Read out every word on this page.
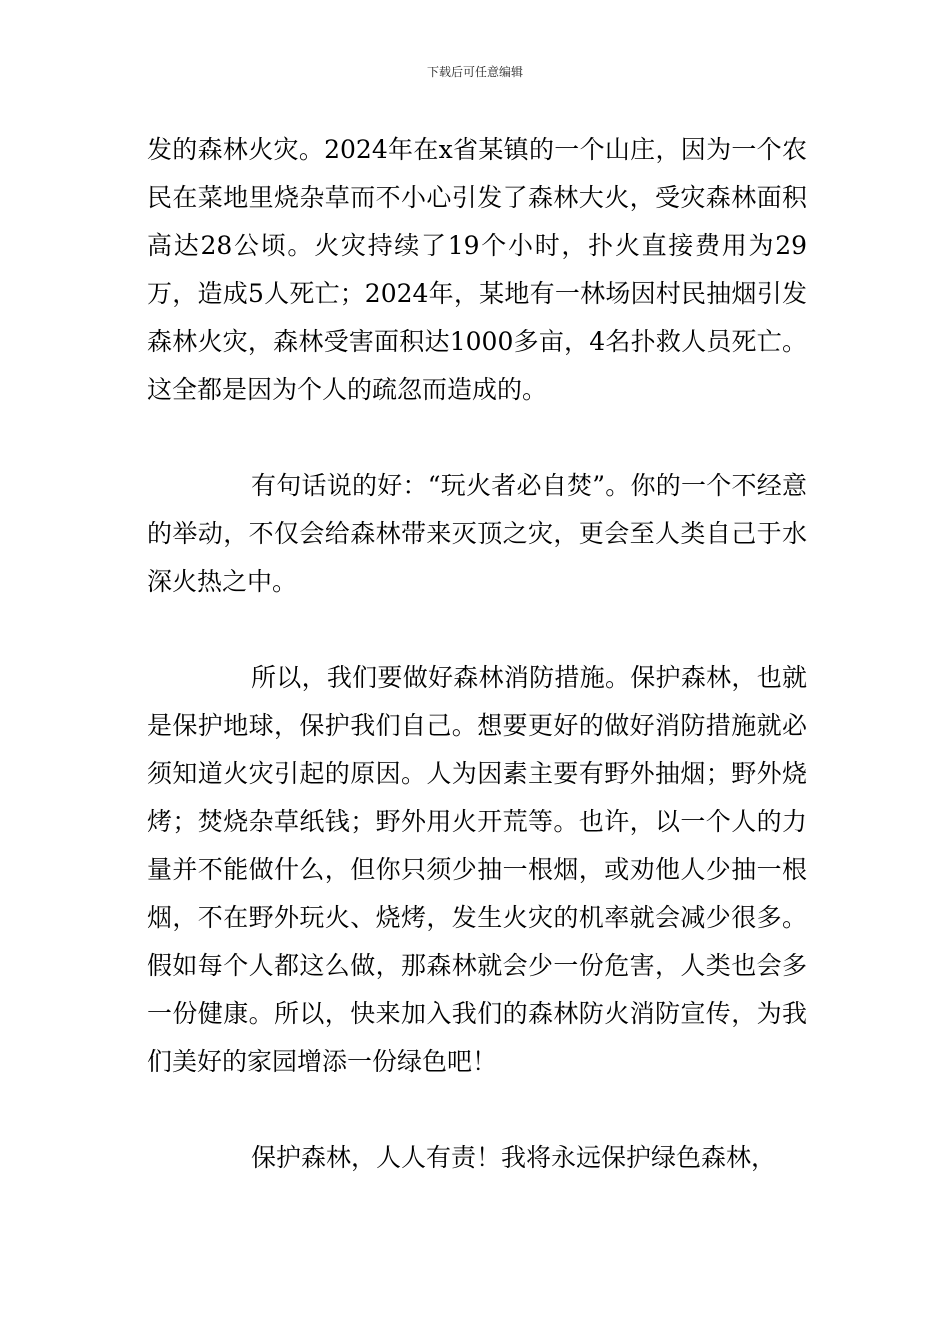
下载后可任意编辑

发的森林火灾。2024年在x省某镇的一个山庄，因为一个农民在菜地里烧杂草而不小心引发了森林大火，受灾森林面积高达28公顷。火灾持续了19个小时，扑火直接费用为29万，造成5人死亡；2024年，某地有一林场因村民抽烟引发森林火灾，森林受害面积达1000多亩，4名扑救人员死亡。这全都是因为个人的疏忽而造成的。

有句话说的好：“玩火者必自焚”。你的一个不经意的举动，不仅会给森林带来灭顶之灾，更会至人类自己于水深火热之中。

所以，我们要做好森林消防措施。保护森林，也就是保护地球，保护我们自己。想要更好的做好消防措施就必须知道火灾引起的原因。人为因素主要有野外抽烟；野外烧烤；焚烧杂草纸钱；野外用火开荒等。也许，以一个人的力量并不能做什么，但你只须少抽一根烟，或劝他人少抽一根烟，不在野外玩火、烧烤，发生火灾的机率就会减少很多。假如每个人都这么做，那森林就会少一份危害，人类也会多一份健康。所以，快来加入我们的森林防火消防宣传，为我们美好的家园增添一份绿色吧！

保护森林，人人有责！我将永远保护绿色森林，
